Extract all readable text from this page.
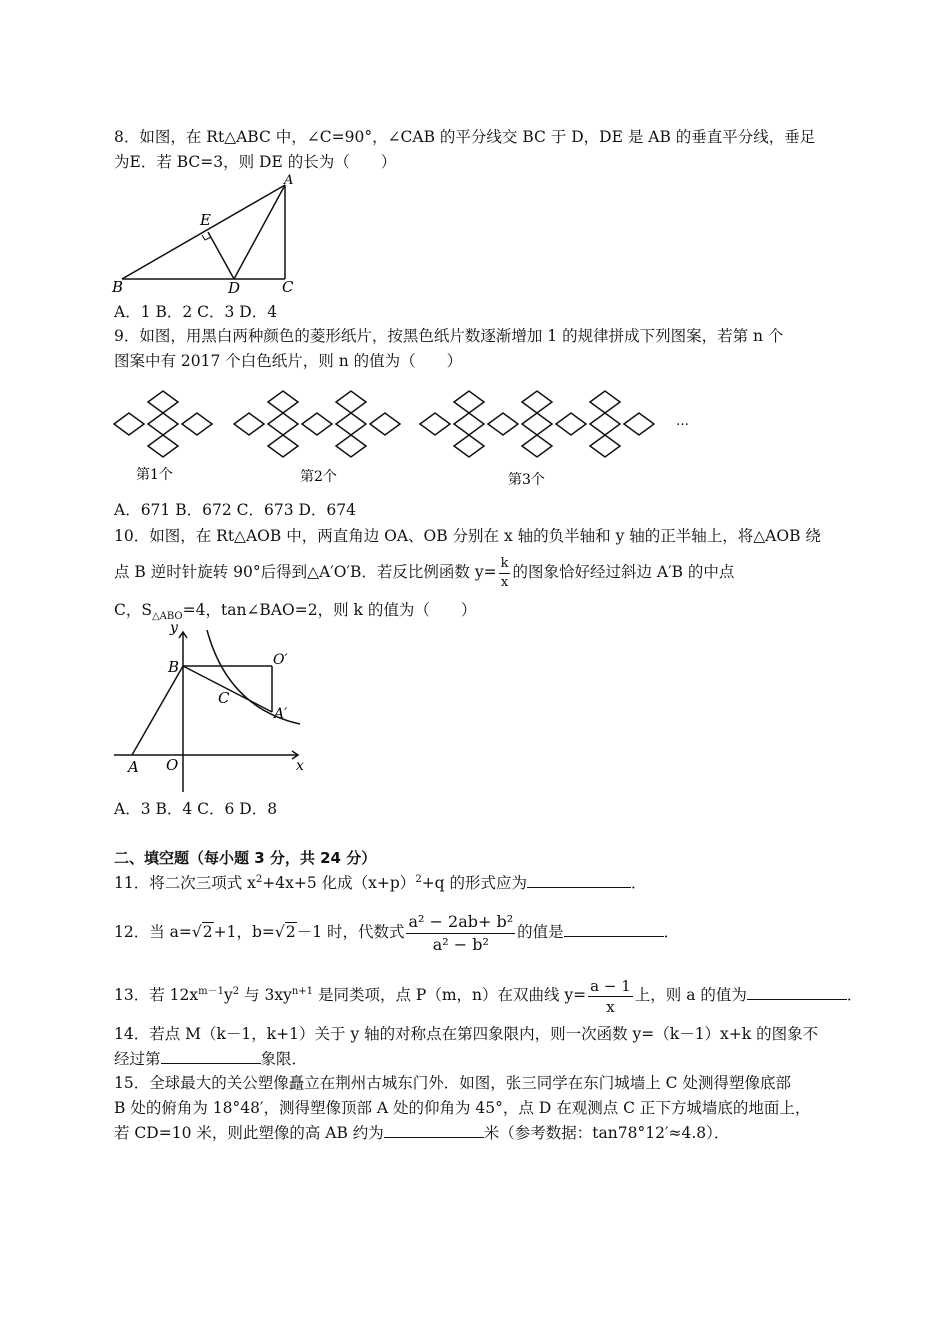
8．如图，在 Rt△ABC 中，∠C=90°，∠CAB 的平分线交 BC 于 D，DE 是 AB 的垂直平分线，垂足
为E．若 BC=3，则 DE 的长为（　　）
A
B	C
D
E
A．1 B．2 C．3 D．4
9．如图，用黑白两种颜色的菱形纸片，按黑色纸片数逐渐增加 1 的规律拼成下列图案，若第 n 个
图案中有 2017 个白色纸片，则 n 的值为（　　）
…
第1个	第2个	第3个
A．671 B．672 C．673 D．674
10．如图，在 Rt△AOB 中，两直角边 OA、OB 分别在 x 轴的负半轴和 y 轴的正半轴上，将△AOB 绕
点 B 逆时针旋转 90°后得到△A′O′B．若反比例函数 $y= \frac{k}{x}$ 的图象恰好经过斜边 A′B 的中点
C，$S_{\triangle ABO}=4$，tan∠BAO=2，则 k 的值为（　　）
y
x
B	O′
C
A′
A O
A．3 B．4 C．6 D．8
二、填空题（每小题 3 分，共 24 分）
11．将二次三项式 $x^2+4x+5$ 化成$(x+p)^2+q$ 的形式应为	．
12．当 a=√2+1，b=√2－1 时，代数式 $\frac{\text{a² − 2ab+ b²}}{\text{a² − b²}}$ 的值是	．
13．若 $12x^{m-1}y^2$ 与 $3xy^{n+1}$ 是同类项，点 P（m，n）在双曲线 $y= \frac{a - 1}{x}$ 上，则 a 的值为	．
14．若点 M（k－1，k+1）关于 y 轴的对称点在第四象限内，则一次函数 y=（k－1）x+k 的图象不
经过第	象限．
15．全球最大的关公塑像矗立在荆州古城东门外．如图，张三同学在东门城墙上 C 处测得塑像底部
B 处的俯角为 18°48′，测得塑像顶部 A 处的仰角为 45°，点 D 在观测点 C 正下方城墙底的地面上，
若 CD=10 米，则此塑像的高 AB 约为	米（参考数据：tan78°12′≈4.8）．
